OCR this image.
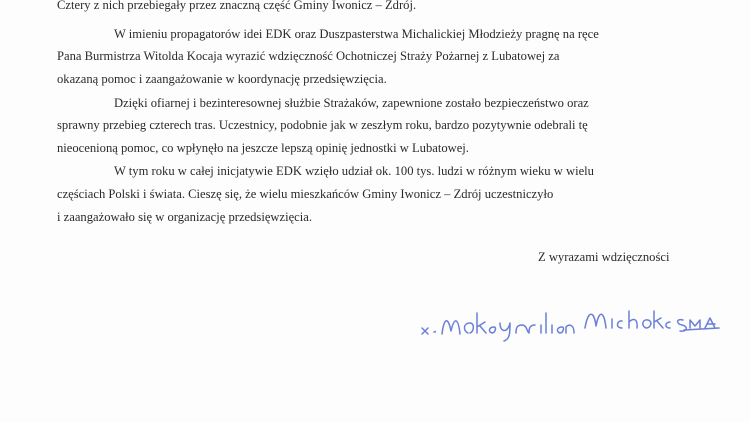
Cztery z nich przebiegały przez znaczną część Gminy Iwonicz – Zdrój.
W imieniu propagatorów idei EDK oraz Duszpasterstwa Michalickiej Młodzieży pragnę na ręce
Pana Burmistrza Witolda Kocaja wyrazić wdzięczność Ochotniczej Straży Pożarnej z Lubatowej za
okazaną pomoc i zaangażowanie w koordynację przedsięwzięcia.
Dzięki ofiarnej i bezinteresownej służbie Strażaków, zapewnione zostało bezpieczeństwo oraz
sprawny przebieg czterech tras. Uczestnicy, podobnie jak w zeszłym roku, bardzo pozytywnie odebrali tę
nieocenioną pomoc, co wpłynęło na jeszcze lepszą opinię jednostki w Lubatowej.
W tym roku w całej inicjatywie EDK wzięło udział ok. 100 tys. ludzi w różnym wieku w wielu
częściach Polski i świata. Cieszę się, że wielu mieszkańców Gminy Iwonicz – Zdrój uczestniczyło
i zaangażowało się w organizację przedsięwzięcia.
Z wyrazami wdzięczności
